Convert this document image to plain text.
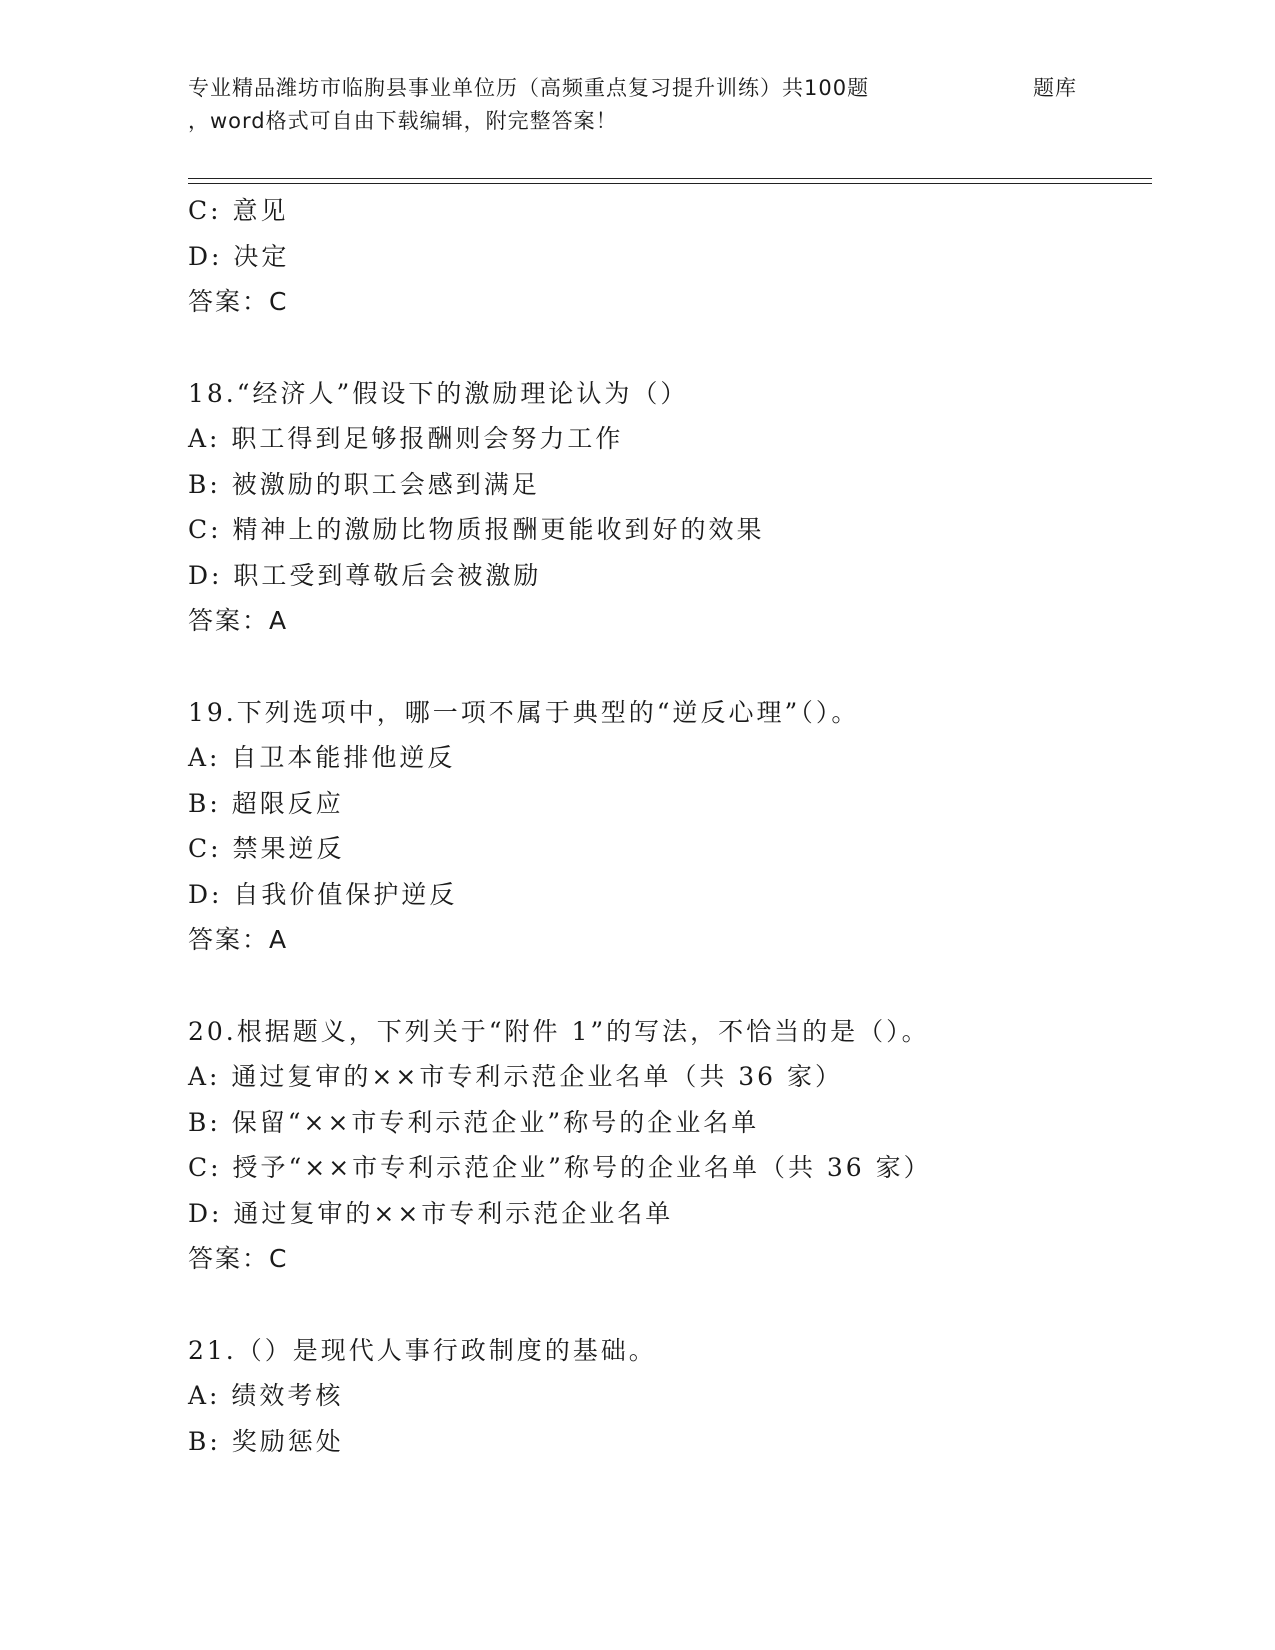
专业精品潍坊市临朐县事业单位历（高频重点复习提升训练）共100题	题库
，word格式可自由下载编辑，附完整答案！
C: 意见
D: 决定
答案：C
18.“经济人”假设下的激励理论认为（）
A: 职工得到足够报酬则会努力工作
B: 被激励的职工会感到满足
C: 精神上的激励比物质报酬更能收到好的效果
D: 职工受到尊敬后会被激励
答案：A
19.下列选项中，哪一项不属于典型的“逆反心理”（）。
A: 自卫本能排他逆反
B: 超限反应
C: 禁果逆反
D: 自我价值保护逆反
答案：A
20.根据题义，下列关于“附件 1”的写法，不恰当的是（）。
A: 通过复审的××市专利示范企业名单（共 36 家）
B: 保留“××市专利示范企业”称号的企业名单
C: 授予“××市专利示范企业”称号的企业名单（共 36 家）
D: 通过复审的××市专利示范企业名单
答案：C
21.（）是现代人事行政制度的基础。
A: 绩效考核
B: 奖励惩处
